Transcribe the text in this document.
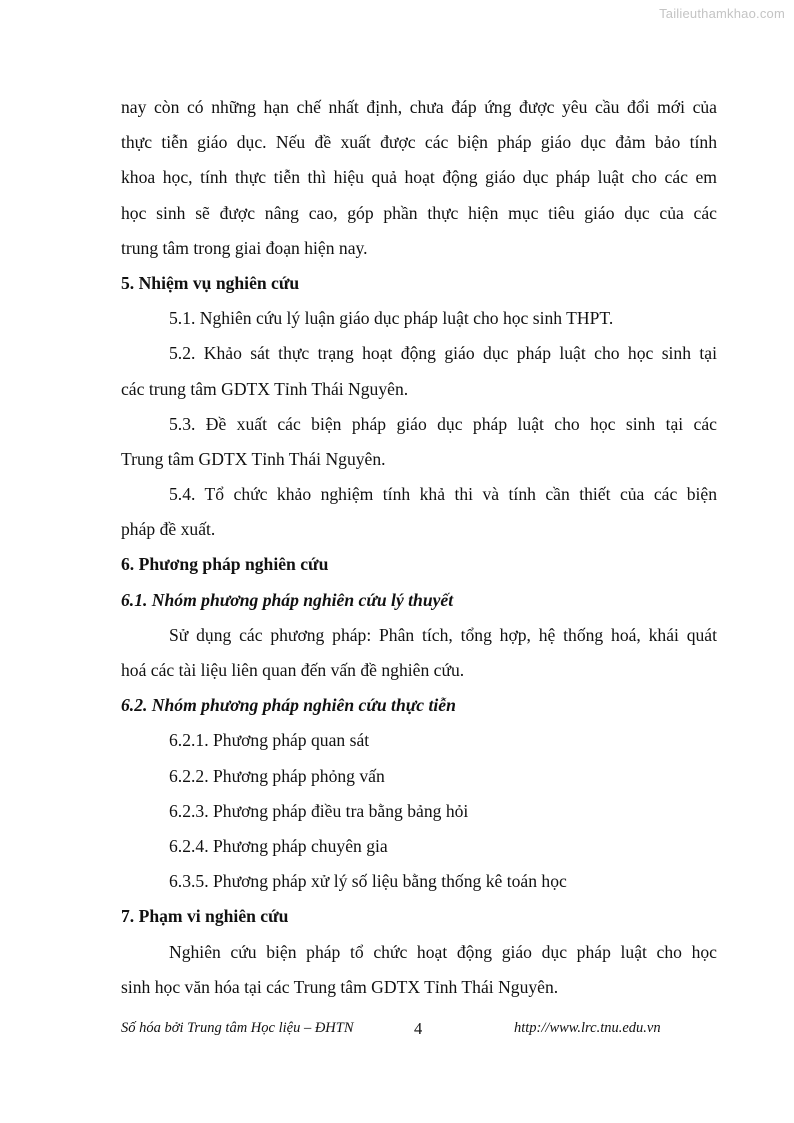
Tailieuthamkhao.com
nay còn có những hạn chế nhất định, chưa đáp ứng được yêu cầu đổi mới của
thực tiễn giáo dục. Nếu đề xuất được các biện pháp giáo dục đảm bảo tính
khoa học, tính thực tiễn thì hiệu quả hoạt động giáo dục pháp luật cho các em
học sinh sẽ được nâng cao, góp phần thực hiện mục tiêu giáo dục của các
trung tâm trong giai đoạn hiện nay.
5. Nhiệm vụ nghiên cứu
5.1. Nghiên cứu lý luận giáo dục pháp luật cho học sinh THPT.
5.2. Khảo sát thực trạng hoạt động giáo dục pháp luật cho học sinh tại
các trung tâm GDTX Tỉnh Thái Nguyên.
5.3. Đề xuất các biện pháp giáo dục pháp luật cho học sinh tại các
Trung tâm GDTX Tỉnh Thái Nguyên.
5.4. Tổ chức khảo nghiệm tính khả thi và tính cần thiết của các biện
pháp đề xuất.
6. Phương pháp nghiên cứu
6.1. Nhóm phương pháp nghiên cứu lý thuyết
Sử dụng các phương pháp: Phân tích, tổng hợp, hệ thống hoá, khái quát
hoá các tài liệu liên quan đến vấn đề nghiên cứu.
6.2. Nhóm phương pháp nghiên cứu thực tiễn
6.2.1. Phương pháp quan sát
6.2.2. Phương pháp phỏng vấn
6.2.3. Phương pháp điều tra bằng bảng hỏi
6.2.4. Phương pháp chuyên gia
6.3.5. Phương pháp xử lý số liệu bằng thống kê toán học
7. Phạm vi nghiên cứu
Nghiên cứu biện pháp tổ chức hoạt động giáo dục pháp luật cho học
sinh học văn hóa tại các Trung tâm GDTX Tỉnh Thái Nguyên.
Số hóa bởi Trung tâm Học liệu – ĐHTN	4	http://www.lrc.tnu.edu.vn
